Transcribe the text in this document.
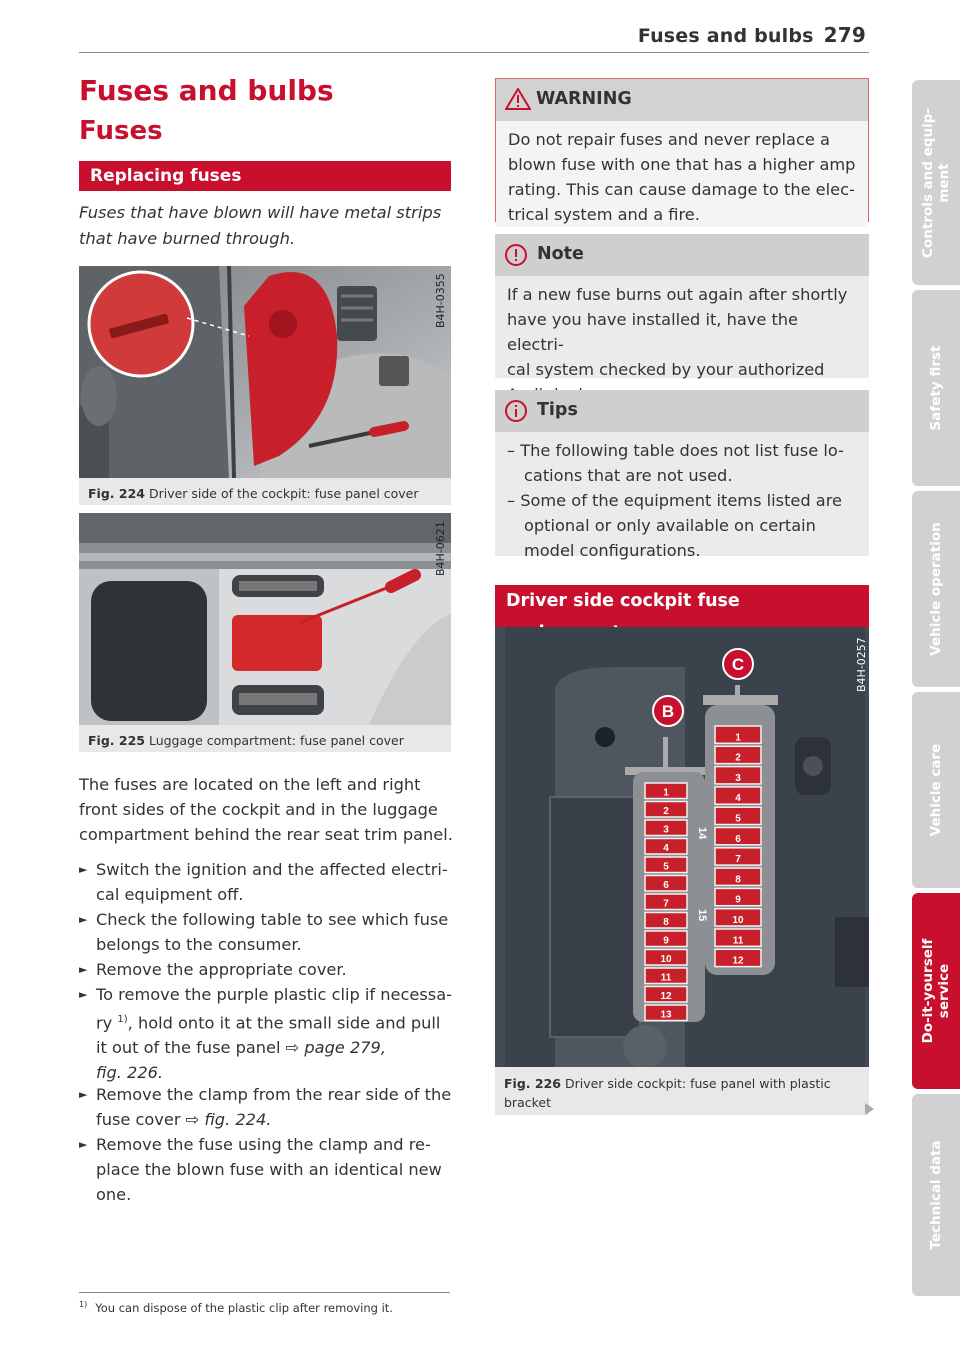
Fuses and bulbs 279
Fuses and bulbs
Fuses
Replacing fuses
Fuses that have blown will have metal strips that have burned through.
B4H-0355
Fig. 224 Driver side of the cockpit: fuse panel cover
B4H-0621
Fig. 225 Luggage compartment: fuse panel cover
The fuses are located on the left and right
front sides of the cockpit and in the luggage
compartment behind the rear seat trim panel.
► Switch the ignition and the affected electri-
cal equipment off.
► Check the following table to see which fuse
belongs to the consumer.
► Remove the appropriate cover.
► To remove the purple plastic clip if necessa-
ry $^{1)}$, hold onto it at the small side and pull
it out of the fuse panel ⇨ page 279,
fig. 226.
► Remove the clamp from the rear side of the
fuse cover ⇨ fig. 224.
► Remove the fuse using the clamp and re-
place the blown fuse with an identical new
one.
$^{1)}$ You can dispose of the plastic clip after removing it.
WARNING
Do not repair fuses and never replace a
blown fuse with one that has a higher amp
rating. This can cause damage to the elec-
trical system and a fire.
Note
If a new fuse burns out again after shortly
have you have installed it, have the electri-
cal system checked by your authorized
Tips
– The following table does not list fuse lo-
cations that are not used.
– Some of the equipment items listed are
optional or only available on certain
model configurations.
Driver side cockpit fuse
1
2
3
4
5
6
7
8
9
10
11
12
13
1
2
3
4
5
6
7
8
9
10
11
12
B
C
14
15
B4H-0257
Fig. 226 Driver side cockpit: fuse panel with plastic
bracket
Controls and equip-
ment
Safety first
Vehicle operation
Vehicle care
Do-it-yourself
service
Technical data
